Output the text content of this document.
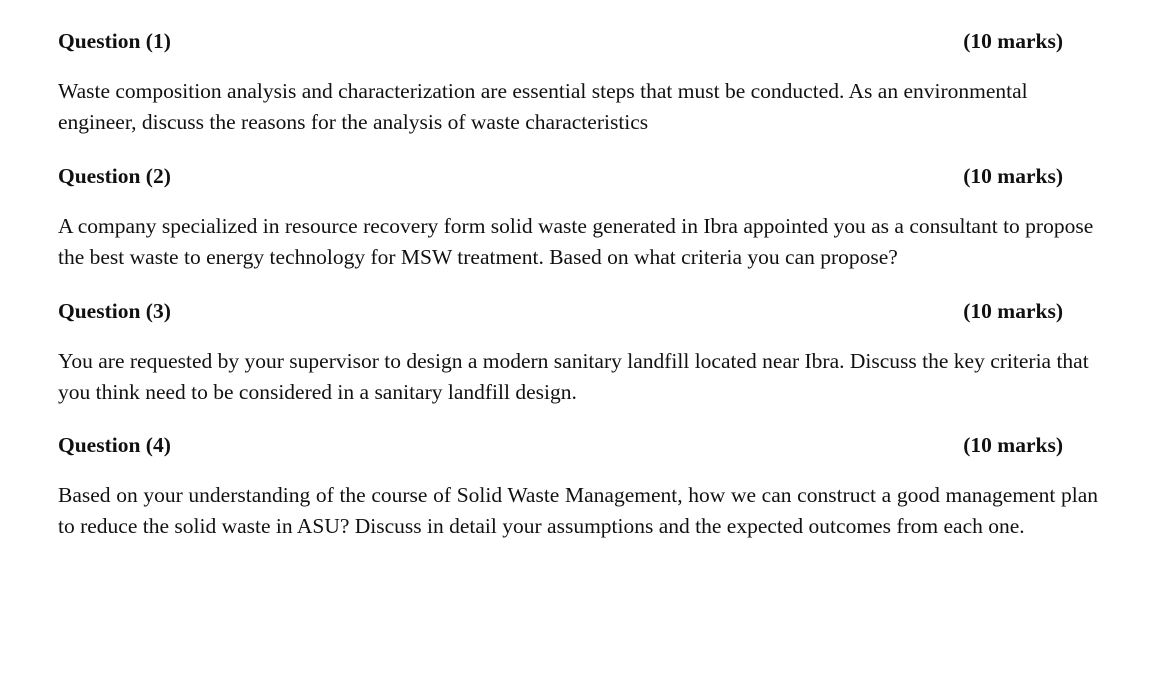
Question (1)	(10 marks)
Waste composition analysis and characterization are essential steps that must be conducted. As an environmental engineer, discuss the reasons for the analysis of waste characteristics
Question (2)	(10 marks)
A company specialized in resource recovery form solid waste generated in Ibra appointed you as a consultant to propose the best waste to energy technology for MSW treatment. Based on what criteria you can propose?
Question (3)	(10 marks)
You are requested by your supervisor to design a modern sanitary landfill located near Ibra. Discuss the key criteria that you think need to be considered in a sanitary landfill design.
Question (4)	(10 marks)
Based on your understanding of the course of Solid Waste Management, how we can construct a good management plan to reduce the solid waste in ASU? Discuss in detail your assumptions and the expected outcomes from each one.
